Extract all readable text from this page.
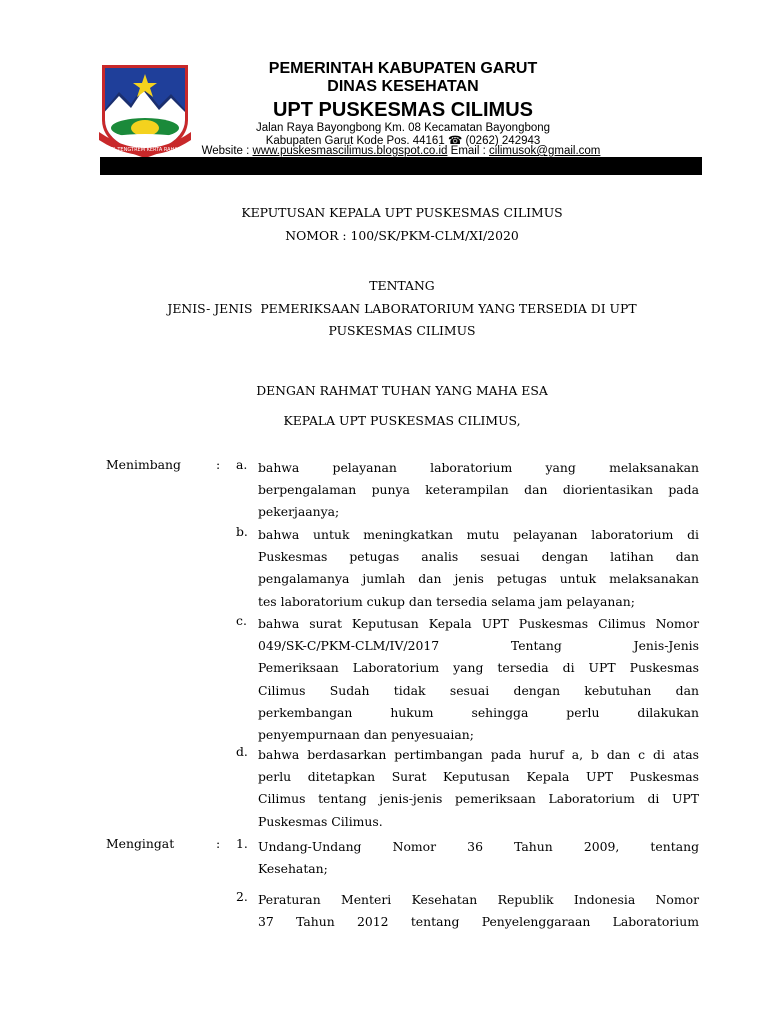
TATA TENGTREM KERTA RAHARJA
PEMERINTAH KABUPATEN GARUT
DINAS KESEHATAN
UPT PUSKESMAS CILIMUS
Jalan Raya Bayongbong Km. 08 Kecamatan Bayongbong
Kabupaten Garut Kode Pos. 44161 ☎ (0262) 242943
Website : www.puskesmascilimus.blogspot.co.id Email : cilimusok@gmail.com
KEPUTUSAN KEPALA UPT PUSKESMAS CILIMUS
NOMOR : 100/SK/PKM-CLM/XI/2020
TENTANG
JENIS- JENIS  PEMERIKSAAN LABORATORIUM YANG TERSEDIA DI UPT
PUSKESMAS CILIMUS
DENGAN RAHMAT TUHAN YANG MAHA ESA
KEPALA UPT PUSKESMAS CILIMUS,
Menimbang	: a. bahwa pelayanan laboratorium yang melaksanakan
berpengalaman punya keterampilan dan diorientasikan pada
pekerjaanya;
b. bahwa untuk meningkatkan mutu pelayanan laboratorium di
Puskesmas petugas analis sesuai dengan latihan dan
pengalamanya jumlah dan jenis petugas untuk melaksanakan
tes laboratorium cukup dan tersedia selama jam pelayanan;
c. bahwa surat Keputusan Kepala UPT Puskesmas Cilimus Nomor
049/SK-C/PKM-CLM/IV/2017 Tentang Jenis-Jenis
Pemeriksaan Laboratorium yang tersedia di UPT Puskesmas
Cilimus Sudah tidak sesuai dengan kebutuhan dan
perkembangan hukum sehingga perlu dilakukan
penyempurnaan dan penyesuaian;
d. bahwa berdasarkan pertimbangan pada huruf a, b dan c di atas
perlu ditetapkan Surat Keputusan Kepala UPT Puskesmas
Cilimus tentang jenis-jenis pemeriksaan Laboratorium di UPT
Puskesmas Cilimus.
Mengingat	: 1. Undang-Undang Nomor 36 Tahun 2009, tentang
Kesehatan;
2. Peraturan Menteri Kesehatan Republik Indonesia Nomor
37 Tahun 2012 tentang Penyelenggaraan Laboratorium
